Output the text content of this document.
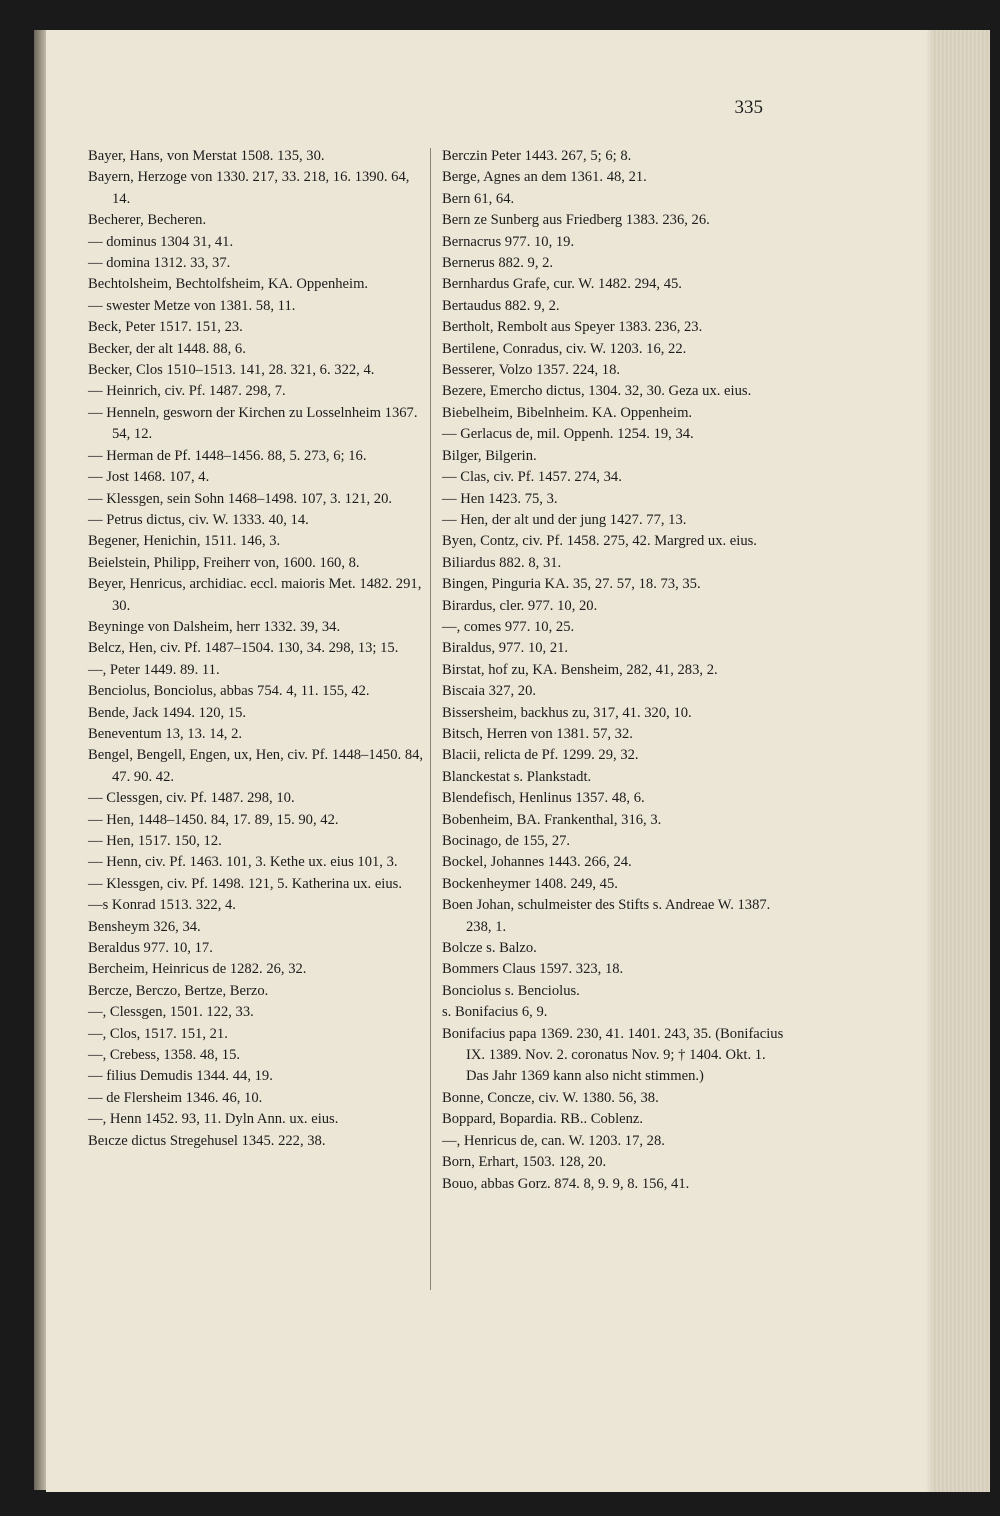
335

Bayer, Hans, von Merstat 1508. 135, 30.

Bayern, Herzoge von 1330. 217, 33. 218, 16. 1390. 64, 14.

Becherer, Becheren.

— dominus 1304 31, 41.

— domina 1312. 33, 37.

Bechtolsheim, Bechtolfsheim, KA. Oppenheim.

— swester Metze von 1381. 58, 11.

Beck, Peter 1517. 151, 23.

Becker, der alt 1448. 88, 6.

Becker, Clos 1510–1513. 141, 28. 321, 6. 322, 4.

— Heinrich, civ. Pf. 1487. 298, 7.

— Henneln, gesworn der Kirchen zu Losselnheim 1367. 54, 12.

— Herman de Pf. 1448–1456. 88, 5. 273, 6; 16.

— Jost 1468. 107, 4.

— Klessgen, sein Sohn 1468–1498. 107, 3. 121, 20.

— Petrus dictus, civ. W. 1333. 40, 14.

Begener, Henichin, 1511. 146, 3.

Beielstein, Philipp, Freiherr von, 1600. 160, 8.

Beyer, Henricus, archidiac. eccl. maioris Met. 1482. 291, 30.

Beyninge von Dalsheim, herr 1332. 39, 34.

Belcz, Hen, civ. Pf. 1487–1504. 130, 34. 298, 13; 15.

—, Peter 1449. 89. 11.

Benciolus, Bonciolus, abbas 754. 4, 11. 155, 42.

Bende, Jack 1494. 120, 15.

Beneventum 13, 13. 14, 2.

Bengel, Bengell, Engen, ux, Hen, civ. Pf. 1448–1450. 84, 47. 90. 42.

— Clessgen, civ. Pf. 1487. 298, 10.

— Hen, 1448–1450. 84, 17. 89, 15. 90, 42.

— Hen, 1517. 150, 12.

— Henn, civ. Pf. 1463. 101, 3. Kethe ux. eius 101, 3.

— Klessgen, civ. Pf. 1498. 121, 5. Katherina ux. eius.

—s Konrad 1513. 322, 4.

Bensheym 326, 34.

Beraldus 977. 10, 17.

Bercheim, Heinricus de 1282. 26, 32.

Bercze, Berczo, Bertze, Berzo.

—, Clessgen, 1501. 122, 33.

—, Clos, 1517. 151, 21.

—, Crebess, 1358. 48, 15.

— filius Demudis 1344. 44, 19.

— de Flersheim 1346. 46, 10.

—, Henn 1452. 93, 11. Dyln Ann. ux. eius.

Beıcze dictus Stregehusel 1345. 222, 38.

Berczin Peter 1443. 267, 5; 6; 8.

Berge, Agnes an dem 1361. 48, 21.

Bern 61, 64.

Bern ze Sunberg aus Friedberg 1383. 236, 26.

Bernacrus 977. 10, 19.

Bernerus 882. 9, 2.

Bernhardus Grafe, cur. W. 1482. 294, 45.

Bertaudus 882. 9, 2.

Bertholt, Rembolt aus Speyer 1383. 236, 23.

Bertilene, Conradus, civ. W. 1203. 16, 22.

Besserer, Volzo 1357. 224, 18.

Bezere, Emercho dictus, 1304. 32, 30. Geza ux. eius.

Biebelheim, Bibelnheim. KA. Oppenheim.

— Gerlacus de, mil. Oppenh. 1254. 19, 34.

Bilger, Bilgerin.

— Clas, civ. Pf. 1457. 274, 34.

— Hen 1423. 75, 3.

— Hen, der alt und der jung 1427. 77, 13.

Byen, Contz, civ. Pf. 1458. 275, 42. Margred ux. eius.

Biliardus 882. 8, 31.

Bingen, Pinguria KA. 35, 27. 57, 18. 73, 35.

Birardus, cler. 977. 10, 20.

—, comes 977. 10, 25.

Biraldus, 977. 10, 21.

Birstat, hof zu, KA. Bensheim, 282, 41, 283, 2.

Biscaia 327, 20.

Bissersheim, backhus zu, 317, 41. 320, 10.

Bitsch, Herren von 1381. 57, 32.

Blacii, relicta de Pf. 1299. 29, 32.

Blanckestat s. Plankstadt.

Blendefisch, Henlinus 1357. 48, 6.

Bobenheim, BA. Frankenthal, 316, 3.

Bocinago, de 155, 27.

Bockel, Johannes 1443. 266, 24.

Bockenheymer 1408. 249, 45.

Boen Johan, schulmeister des Stifts s. Andreae W. 1387. 238, 1.

Bolcze s. Balzo.

Bommers Claus 1597. 323, 18.

Bonciolus s. Benciolus.

s. Bonifacius 6, 9.

Bonifacius papa 1369. 230, 41. 1401. 243, 35. (Bonifacius IX. 1389. Nov. 2. coronatus Nov. 9; † 1404. Okt. 1. Das Jahr 1369 kann also nicht stimmen.)

Bonne, Concze, civ. W. 1380. 56, 38.

Boppard, Bopardia. RB.. Coblenz.

—, Henricus de, can. W. 1203. 17, 28.

Born, Erhart, 1503. 128, 20.

Bouo, abbas Gorz. 874. 8, 9. 9, 8. 156, 41.
